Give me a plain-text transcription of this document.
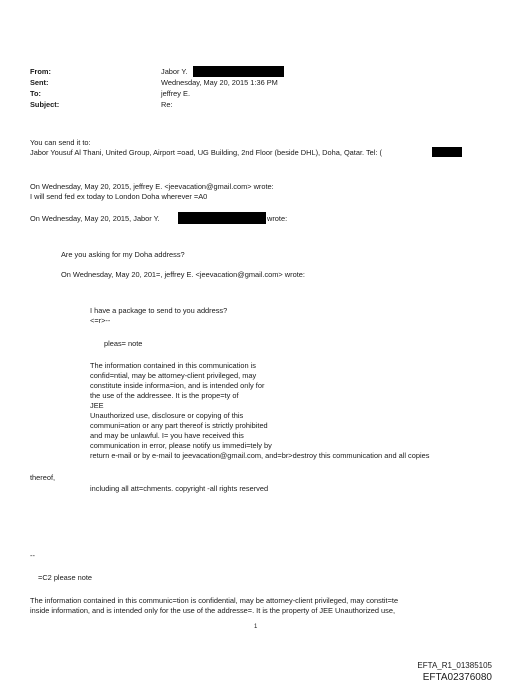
From:	Jabor Y.
Sent:	Wednesday, May 20, 2015 1:36 PM
To:	jeffrey E.
Subject:	Re:
You can send it to:
Jabor Yousuf Al Thani, United Group, Airport =oad, UG Building, 2nd Floor (beside DHL), Doha, Qatar. Tel: (
On Wednesday, May 20, 2015, jeffrey E. <jeevacation@gmail.com> wrote:
I will send fed ex today to London Doha wherever =A0
On Wednesday, May 20, 2015, Jabor Y.	wrote:
Are you asking for my Doha address?
On Wednesday, May 20, 201=, jeffrey E. <jeevacation@gmail.com> wrote:
I have a package to send to you address?
<=r>--
pleas= note
The information contained in this communication is
confid=ntial, may be attorney-client privileged, may
constitute inside informa=ion, and is intended only for
the use of the addressee. It is the prope=ty of
JEE
Unauthorized use, disclosure or copying of this
communi=ation or any part thereof is strictly prohibited
and may be unlawful. I= you have received this
communication in error, please notify us immedi=tely by
return e-mail or by e-mail to jeevacation@gmail.com, and=br>destroy this communication and all copies
thereof,
including all att=chments. copyright -all rights reserved
--
=C2 please note
The information contained in this communic=tion is confidential, may be attorney-client privileged, may constit=te
inside information, and is intended only for the use of the addresse=. It is the property of JEE Unauthorized use,
1
EFTA_R1_01385105
EFTA02376080
